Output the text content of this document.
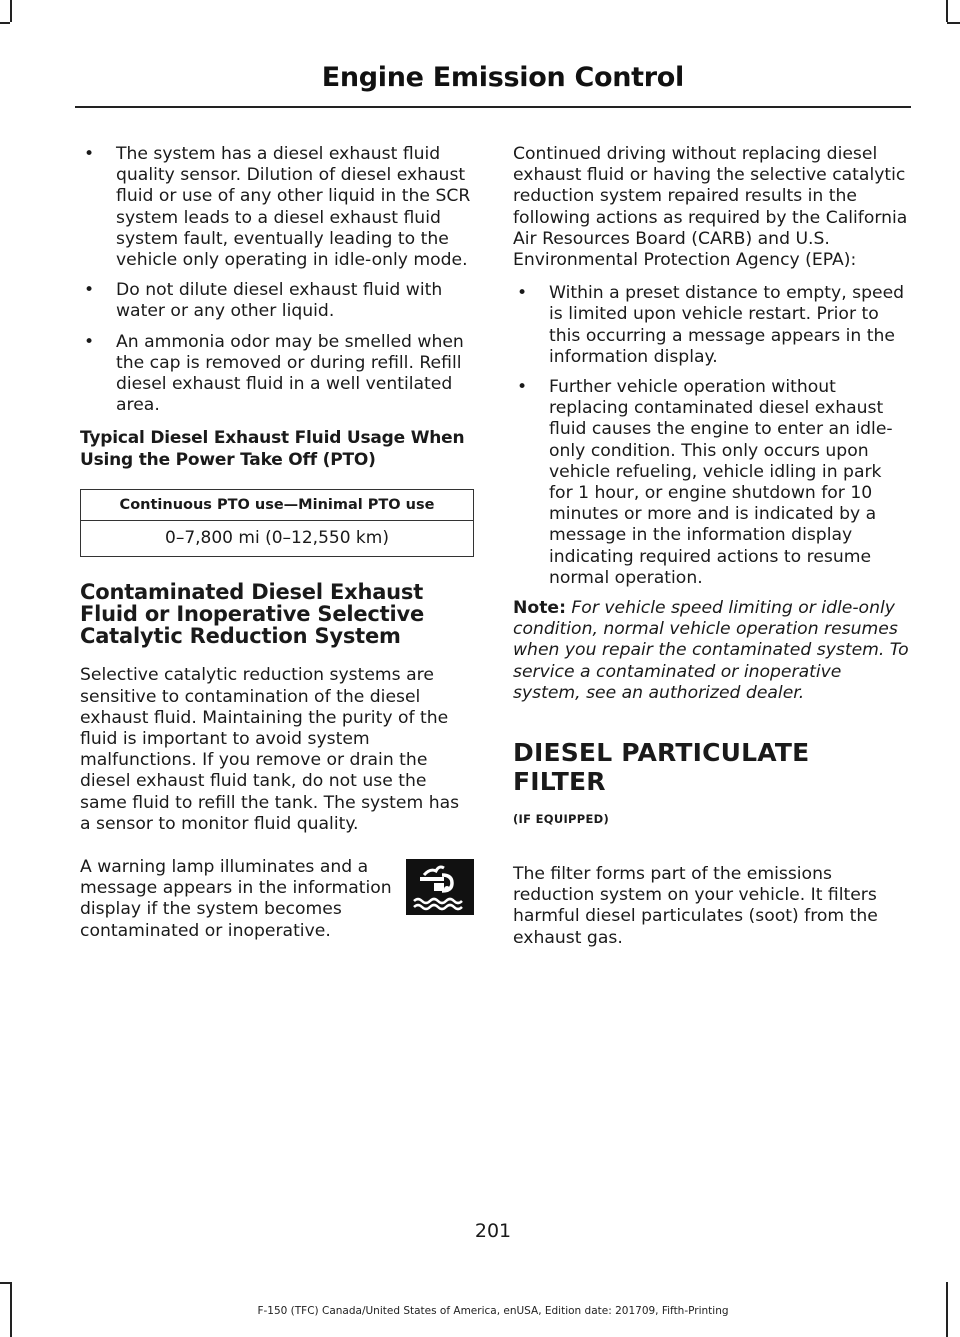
Engine Emission Control
• The system has a diesel exhaust fluid quality sensor. Dilution of diesel exhaust fluid or use of any other liquid in the SCR system leads to a diesel exhaust fluid system fault, eventually leading to the vehicle only operating in idle-only mode.
• Do not dilute diesel exhaust fluid with water or any other liquid.
• An ammonia odor may be smelled when the cap is removed or during refill. Refill diesel exhaust fluid in a well ventilated area.
Typical Diesel Exhaust Fluid Usage When Using the Power Take Off (PTO)
Continuous PTO use—Minimal PTO use
0–7,800 mi (0–12,550 km)
Contaminated Diesel Exhaust Fluid or Inoperative Selective Catalytic Reduction System

Selective catalytic reduction systems are sensitive to contamination of the diesel exhaust fluid. Maintaining the purity of the fluid is important to avoid system malfunctions. If you remove or drain the diesel exhaust fluid tank, do not use the same fluid to refill the tank. The system has a sensor to monitor fluid quality.

A warning lamp illuminates and a message appears in the information display if the system becomes contaminated or inoperative.

Continued driving without replacing diesel exhaust fluid or having the selective catalytic reduction system repaired results in the following actions as required by the California Air Resources Board (CARB) and U.S. Environmental Protection Agency (EPA):

• Within a preset distance to empty, speed is limited upon vehicle restart. Prior to this occurring a message appears in the information display.
• Further vehicle operation without replacing contaminated diesel exhaust fluid causes the engine to enter an idle-only condition. This only occurs upon vehicle refueling, vehicle idling in park for 1 hour, or engine shutdown for 10 minutes or more and is indicated by a message in the information display indicating required actions to resume normal operation.

Note: For vehicle speed limiting or idle-only condition, normal vehicle operation resumes when you repair the contaminated system. To service a contaminated or inoperative system, see an authorized dealer.

DIESEL PARTICULATE FILTER
(IF EQUIPPED)

The filter forms part of the emissions reduction system on your vehicle. It filters harmful diesel particulates (soot) from the exhaust gas.

201
F-150 (TFC) Canada/United States of America, enUSA, Edition date: 201709, Fifth-Printing
